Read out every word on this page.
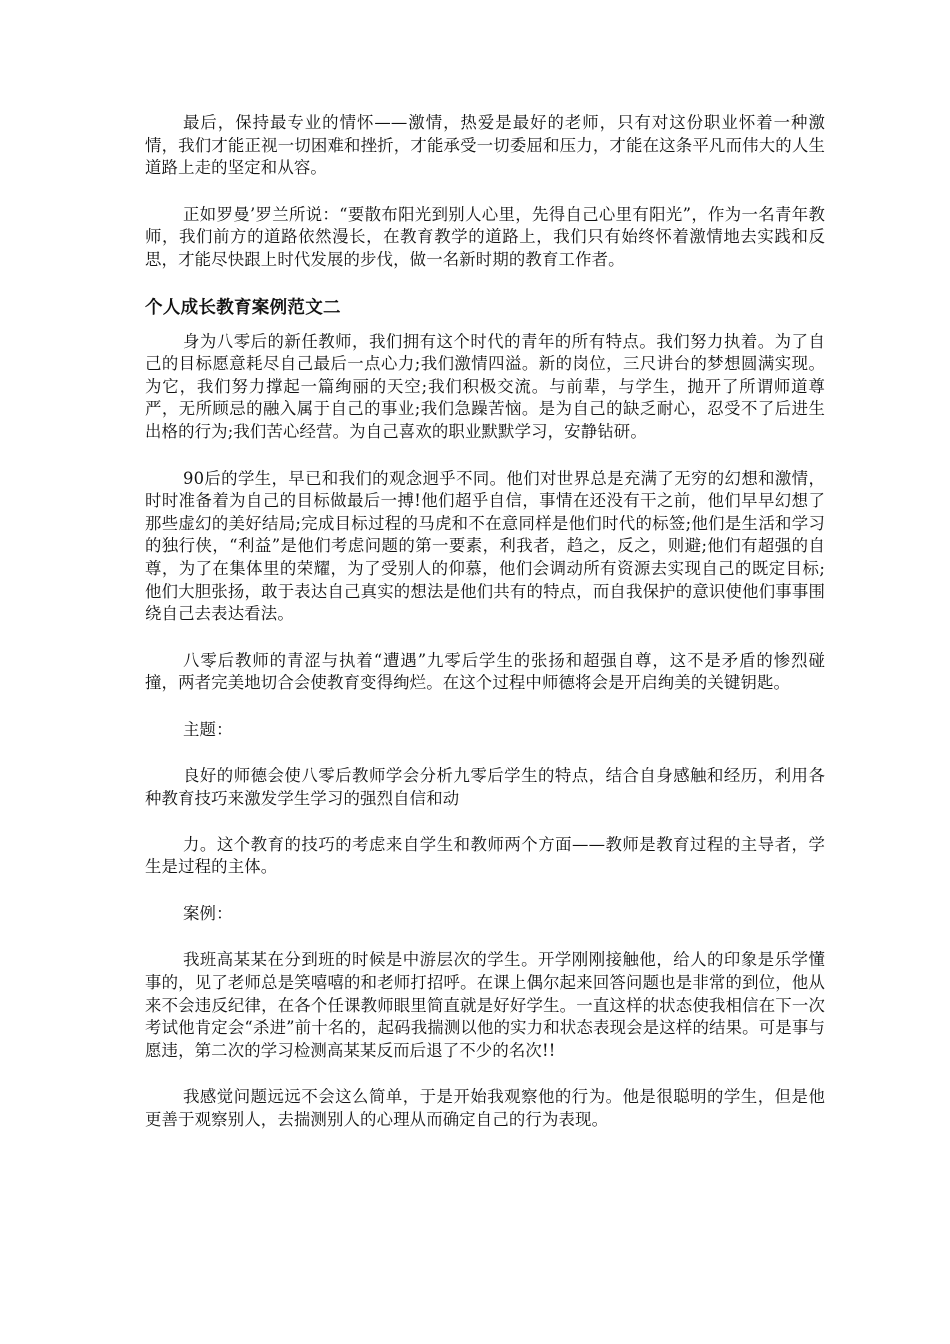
最后，保持最专业的情怀——激情，热爱是最好的老师，只有对这份职业怀着一种激情，我们才能正视一切困难和挫折，才能承受一切委屈和压力，才能在这条平凡而伟大的人生道路上走的坚定和从容。

正如罗曼’罗兰所说：“要散布阳光到别人心里，先得自己心里有阳光”，作为一名青年教师，我们前方的道路依然漫长，在教育教学的道路上，我们只有始终怀着激情地去实践和反思，才能尽快跟上时代发展的步伐，做一名新时期的教育工作者。

个人成长教育案例范文二

身为八零后的新任教师，我们拥有这个时代的青年的所有特点。我们努力执着。为了自己的目标愿意耗尽自己最后一点心力;我们激情四溢。新的岗位，三尺讲台的梦想圆满实现。为它，我们努力撑起一篇绚丽的天空;我们积极交流。与前辈，与学生，抛开了所谓师道尊严，无所顾忌的融入属于自己的事业;我们急躁苦恼。是为自己的缺乏耐心，忍受不了后进生出格的行为;我们苦心经营。为自己喜欢的职业默默学习，安静钻研。

90后的学生，早已和我们的观念迥乎不同。他们对世界总是充满了无穷的幻想和激情，时时准备着为自己的目标做最后一搏!他们超乎自信，事情在还没有干之前，他们早早幻想了那些虚幻的美好结局;完成目标过程的马虎和不在意同样是他们时代的标签;他们是生活和学习的独行侠，“利益”是他们考虑问题的第一要素，利我者，趋之，反之，则避;他们有超强的自尊，为了在集体里的荣耀，为了受别人的仰慕，他们会调动所有资源去实现自己的既定目标;他们大胆张扬，敢于表达自己真实的想法是他们共有的特点，而自我保护的意识使他们事事围绕自己去表达看法。

八零后教师的青涩与执着“遭遇”九零后学生的张扬和超强自尊，这不是矛盾的惨烈碰撞，两者完美地切合会使教育变得绚烂。在这个过程中师德将会是开启绚美的关键钥匙。

主题：

良好的师德会使八零后教师学会分析九零后学生的特点，结合自身感触和经历，利用各种教育技巧来激发学生学习的强烈自信和动

力。这个教育的技巧的考虑来自学生和教师两个方面——教师是教育过程的主导者，学生是过程的主体。

案例：

我班高某某在分到班的时候是中游层次的学生。开学刚刚接触他，给人的印象是乐学懂事的，见了老师总是笑嘻嘻的和老师打招呼。在课上偶尔起来回答问题也是非常的到位，他从来不会违反纪律，在各个任课教师眼里简直就是好好学生。一直这样的状态使我相信在下一次考试他肯定会“杀进”前十名的，起码我揣测以他的实力和状态表现会是这样的结果。可是事与愿违，第二次的学习检测高某某反而后退了不少的名次!!

我感觉问题远远不会这么简单，于是开始我观察他的行为。他是很聪明的学生，但是他更善于观察别人，去揣测别人的心理从而确定自己的行为表现。
